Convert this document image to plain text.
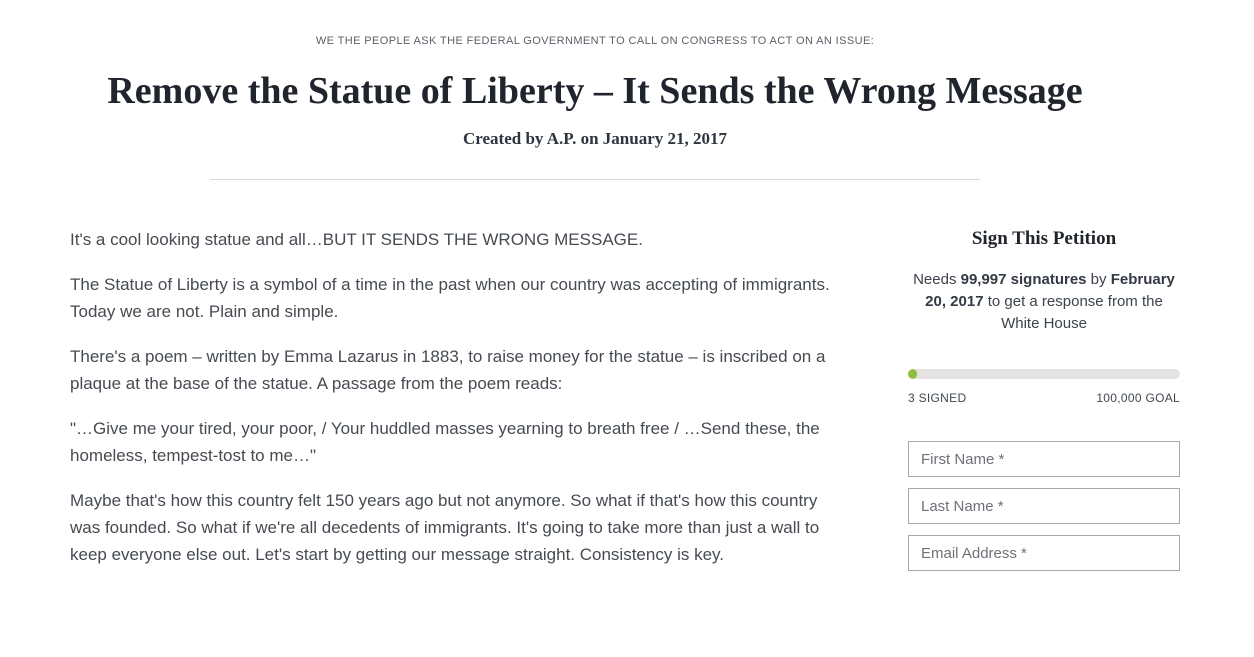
WE THE PEOPLE ASK THE FEDERAL GOVERNMENT TO CALL ON CONGRESS TO ACT ON AN ISSUE:
Remove the Statue of Liberty – It Sends the Wrong Message
Created by A.P. on January 21, 2017

It's a cool looking statue and all…BUT IT SENDS THE WRONG MESSAGE.

The Statue of Liberty is a symbol of a time in the past when our country was accepting of immigrants. Today we are not. Plain and simple.

There's a poem – written by Emma Lazarus in 1883, to raise money for the statue – is inscribed on a plaque at the base of the statue. A passage from the poem reads:

"…Give me your tired, your poor, / Your huddled masses yearning to breath free / …Send these, the homeless, tempest-tost to me…"

Maybe that's how this country felt 150 years ago but not anymore. So what if that's how this country was founded. So what if we're all decedents of immigrants. It's going to take more than just a wall to keep everyone else out. Let's start by getting our message straight. Consistency is key.

Sign This Petition

Needs 99,997 signatures by February 20, 2017 to get a response from the White House

3 SIGNED	100,000 GOAL
First Name *
Last Name *
Email Address *
